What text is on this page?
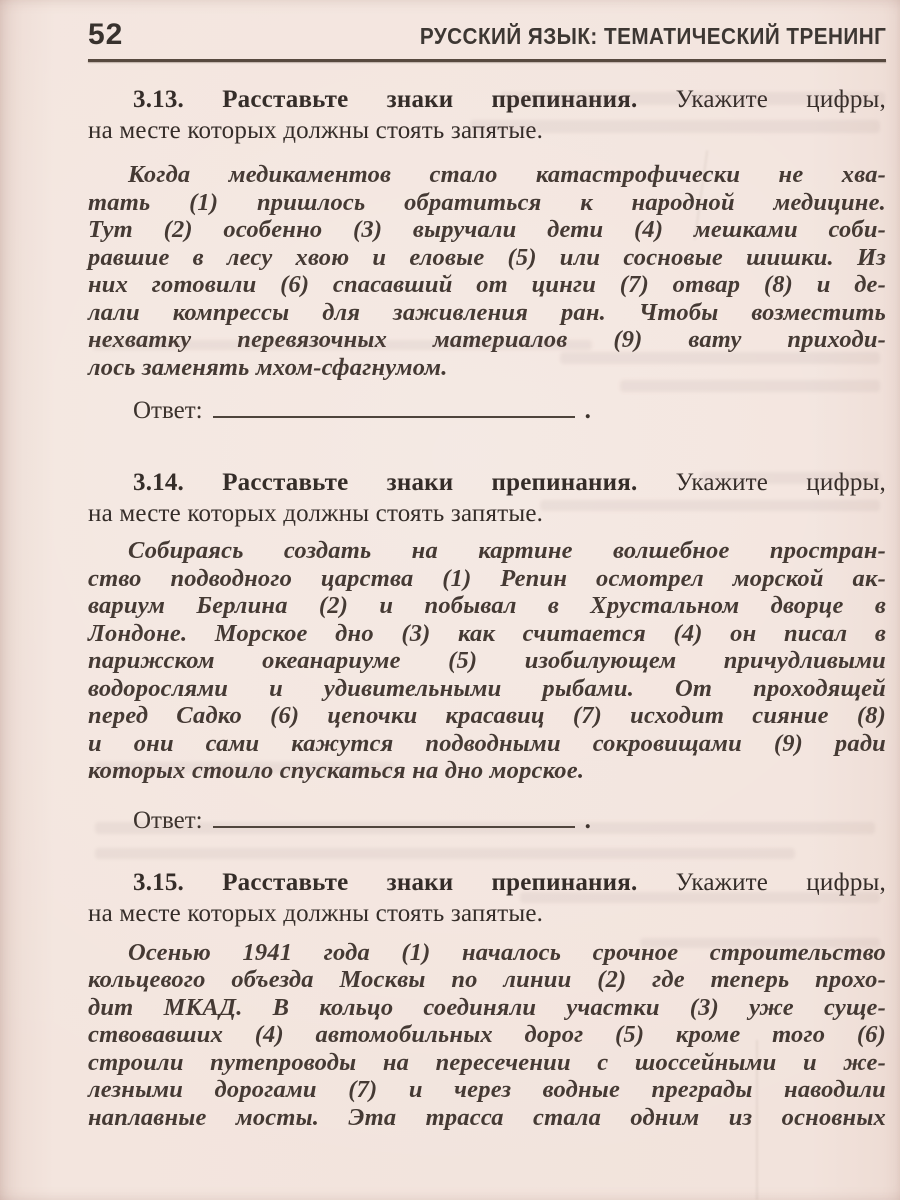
52	РУССКИЙ ЯЗЫК: ТЕМАТИЧЕСКИЙ ТРЕНИНГ
3.13. Расставьте знаки препинания. Укажите цифры,
на месте которых должны стоять запятые.
Когда медикаментов стало катастрофически не хва-
тать (1) пришлось обратиться к народной медицине.
Тут (2) особенно (3) выручали дети (4) мешками соби-
равшие в лесу хвою и еловые (5) или сосновые шишки. Из
них готовили (6) спасавший от цинги (7) отвар (8) и де-
лали компрессы для заживления ран. Чтобы возместить
нехватку перевязочных материалов (9) вату приходи-
лось заменять мхом-сфагнумом.
Ответ:	.
3.14. Расставьте знаки препинания. Укажите цифры,
на месте которых должны стоять запятые.
Собираясь создать на картине волшебное простран-
ство подводного царства (1) Репин осмотрел морской ак-
вариум Берлина (2) и побывал в Хрустальном дворце в
Лондоне. Морское дно (3) как считается (4) он писал в
парижском океанариуме (5) изобилующем причудливыми
водорослями и удивительными рыбами. От проходящей
перед Садко (6) цепочки красавиц (7) исходит сияние (8)
и они сами кажутся подводными сокровищами (9) ради
которых стоило спускаться на дно морское.
Ответ:	.
3.15. Расставьте знаки препинания. Укажите цифры,
на месте которых должны стоять запятые.
Осенью 1941 года (1) началось срочное строительство
кольцевого объезда Москвы по линии (2) где теперь прохо-
дит МКАД. В кольцо соединяли участки (3) уже суще-
ствовавших (4) автомобильных дорог (5) кроме того (6)
строили путепроводы на пересечении с шоссейными и же-
лезными дорогами (7) и через водные преграды наводили
наплавные мосты. Эта трасса стала одним из основных
